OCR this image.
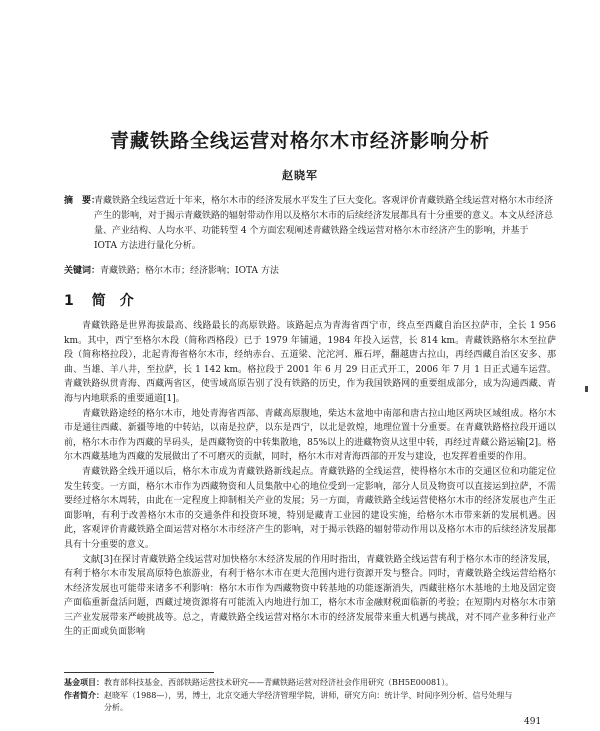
青藏铁路全线运营对格尔木市经济影响分析
赵晓军
摘　要：
青藏铁路全线运营近十年来，格尔木市的经济发展水平发生了巨大变化。客观评价青藏铁路全线运营对格尔木市经济产生的影响，对于揭示青藏铁路的辐射带动作用以及格尔木市的后续经济发展都具有十分重要的意义。本文从经济总量、产业结构、人均水平、功能转型 4 个方面宏观阐述青藏铁路全线运营对格尔木市经济产生的影响，并基于 IOTA 方法进行量化分析。
关键词：青藏铁路；格尔木市；经济影响；IOTA 方法
1 简介

青藏铁路是世界海拔最高、线路最长的高原铁路。该路起点为青海省西宁市，终点至西藏自治区拉萨市，全长 1 956 km。其中，西宁至格尔木段（简称西格段）已于 1979 年铺通，1984 年投入运营，长 814 km。青藏铁路格尔木至拉萨段（简称格拉段），北起青海省格尔木市，经纳赤台、五道梁、沱沱河、雁石坪，翻越唐古拉山，再经西藏自治区安多、那曲、当雄、羊八井，至拉萨，长 1 142 km。格拉段于 2001 年 6 月 29 日正式开工，2006 年 7 月 1 日正式通车运营。青藏铁路纵贯青海、西藏两省区，使雪域高原告别了没有铁路的历史，作为我国铁路网的重要组成部分，成为沟通西藏、青海与内地联系的重要通道[1]。

青藏铁路途经的格尔木市，地处青海省西部、青藏高原腹地，柴达木盆地中南部和唐古拉山地区两块区域组成。格尔木市是通往西藏、新疆等地的中转站，以南是拉萨，以东是西宁，以北是敦煌，地理位置十分重要。在青藏铁路格拉段开通以前，格尔木市作为西藏的旱码头，是西藏物资的中转集散地，85%以上的进藏物资从这里中转，再经过青藏公路运输[2]。格尔木西藏基地为西藏的发展做出了不可磨灭的贡献，同时，格尔木市对青海西部的开发与建设，也发挥着重要的作用。

青藏铁路全线开通以后，格尔木市成为青藏铁路新线起点。青藏铁路的全线运营，使得格尔木市的交通区位和功能定位发生转变。一方面，格尔木市作为西藏物资和人员集散中心的地位受到一定影响，部分人员及物资可以直接运到拉萨，不需要经过格尔木周转，由此在一定程度上抑制相关产业的发展；另一方面，青藏铁路全线运营使格尔木市的经济发展也产生正面影响，有利于改善格尔木市的交通条件和投资环境，特别是藏青工业园的建设实施，给格尔木市带来新的发展机遇。因此，客观评价青藏铁路全面运营对格尔木市经济产生的影响，对于揭示铁路的辐射带动作用以及格尔木市的后续经济发展都具有十分重要的意义。

文献[3]在探讨青藏铁路全线运营对加快格尔木经济发展的作用时指出，青藏铁路全线运营有利于格尔木市的经济发展，有利于格尔木市发展高原特色旅游业，有利于格尔木市在更大范围内进行资源开发与整合。同时，青藏铁路全线运营给格尔木经济发展也可能带来诸多不利影响：格尔木市作为西藏物资中转基地的功能逐渐消失，西藏驻格尔木基地的土地及固定资产面临重新盘活问题，西藏过境资源将有可能流入内地进行加工，格尔木市金融财税面临新的考验；在短期内对格尔木市第三产业发展带来严峻挑战等。总之，青藏铁路全线运营对格尔木市的经济发展带来重大机遇与挑战，对不同产业多种行业产生的正面或负面影响

基金项目：教育部科技基金、西部铁路运营技术研究——青藏铁路运营对经济社会作用研究（BH5E00081）。
作者简介：赵晓军（1988—），男，博士，北京交通大学经济管理学院，讲师，研究方向：统计学、时间序列分析、信号处理与
分析。
491
